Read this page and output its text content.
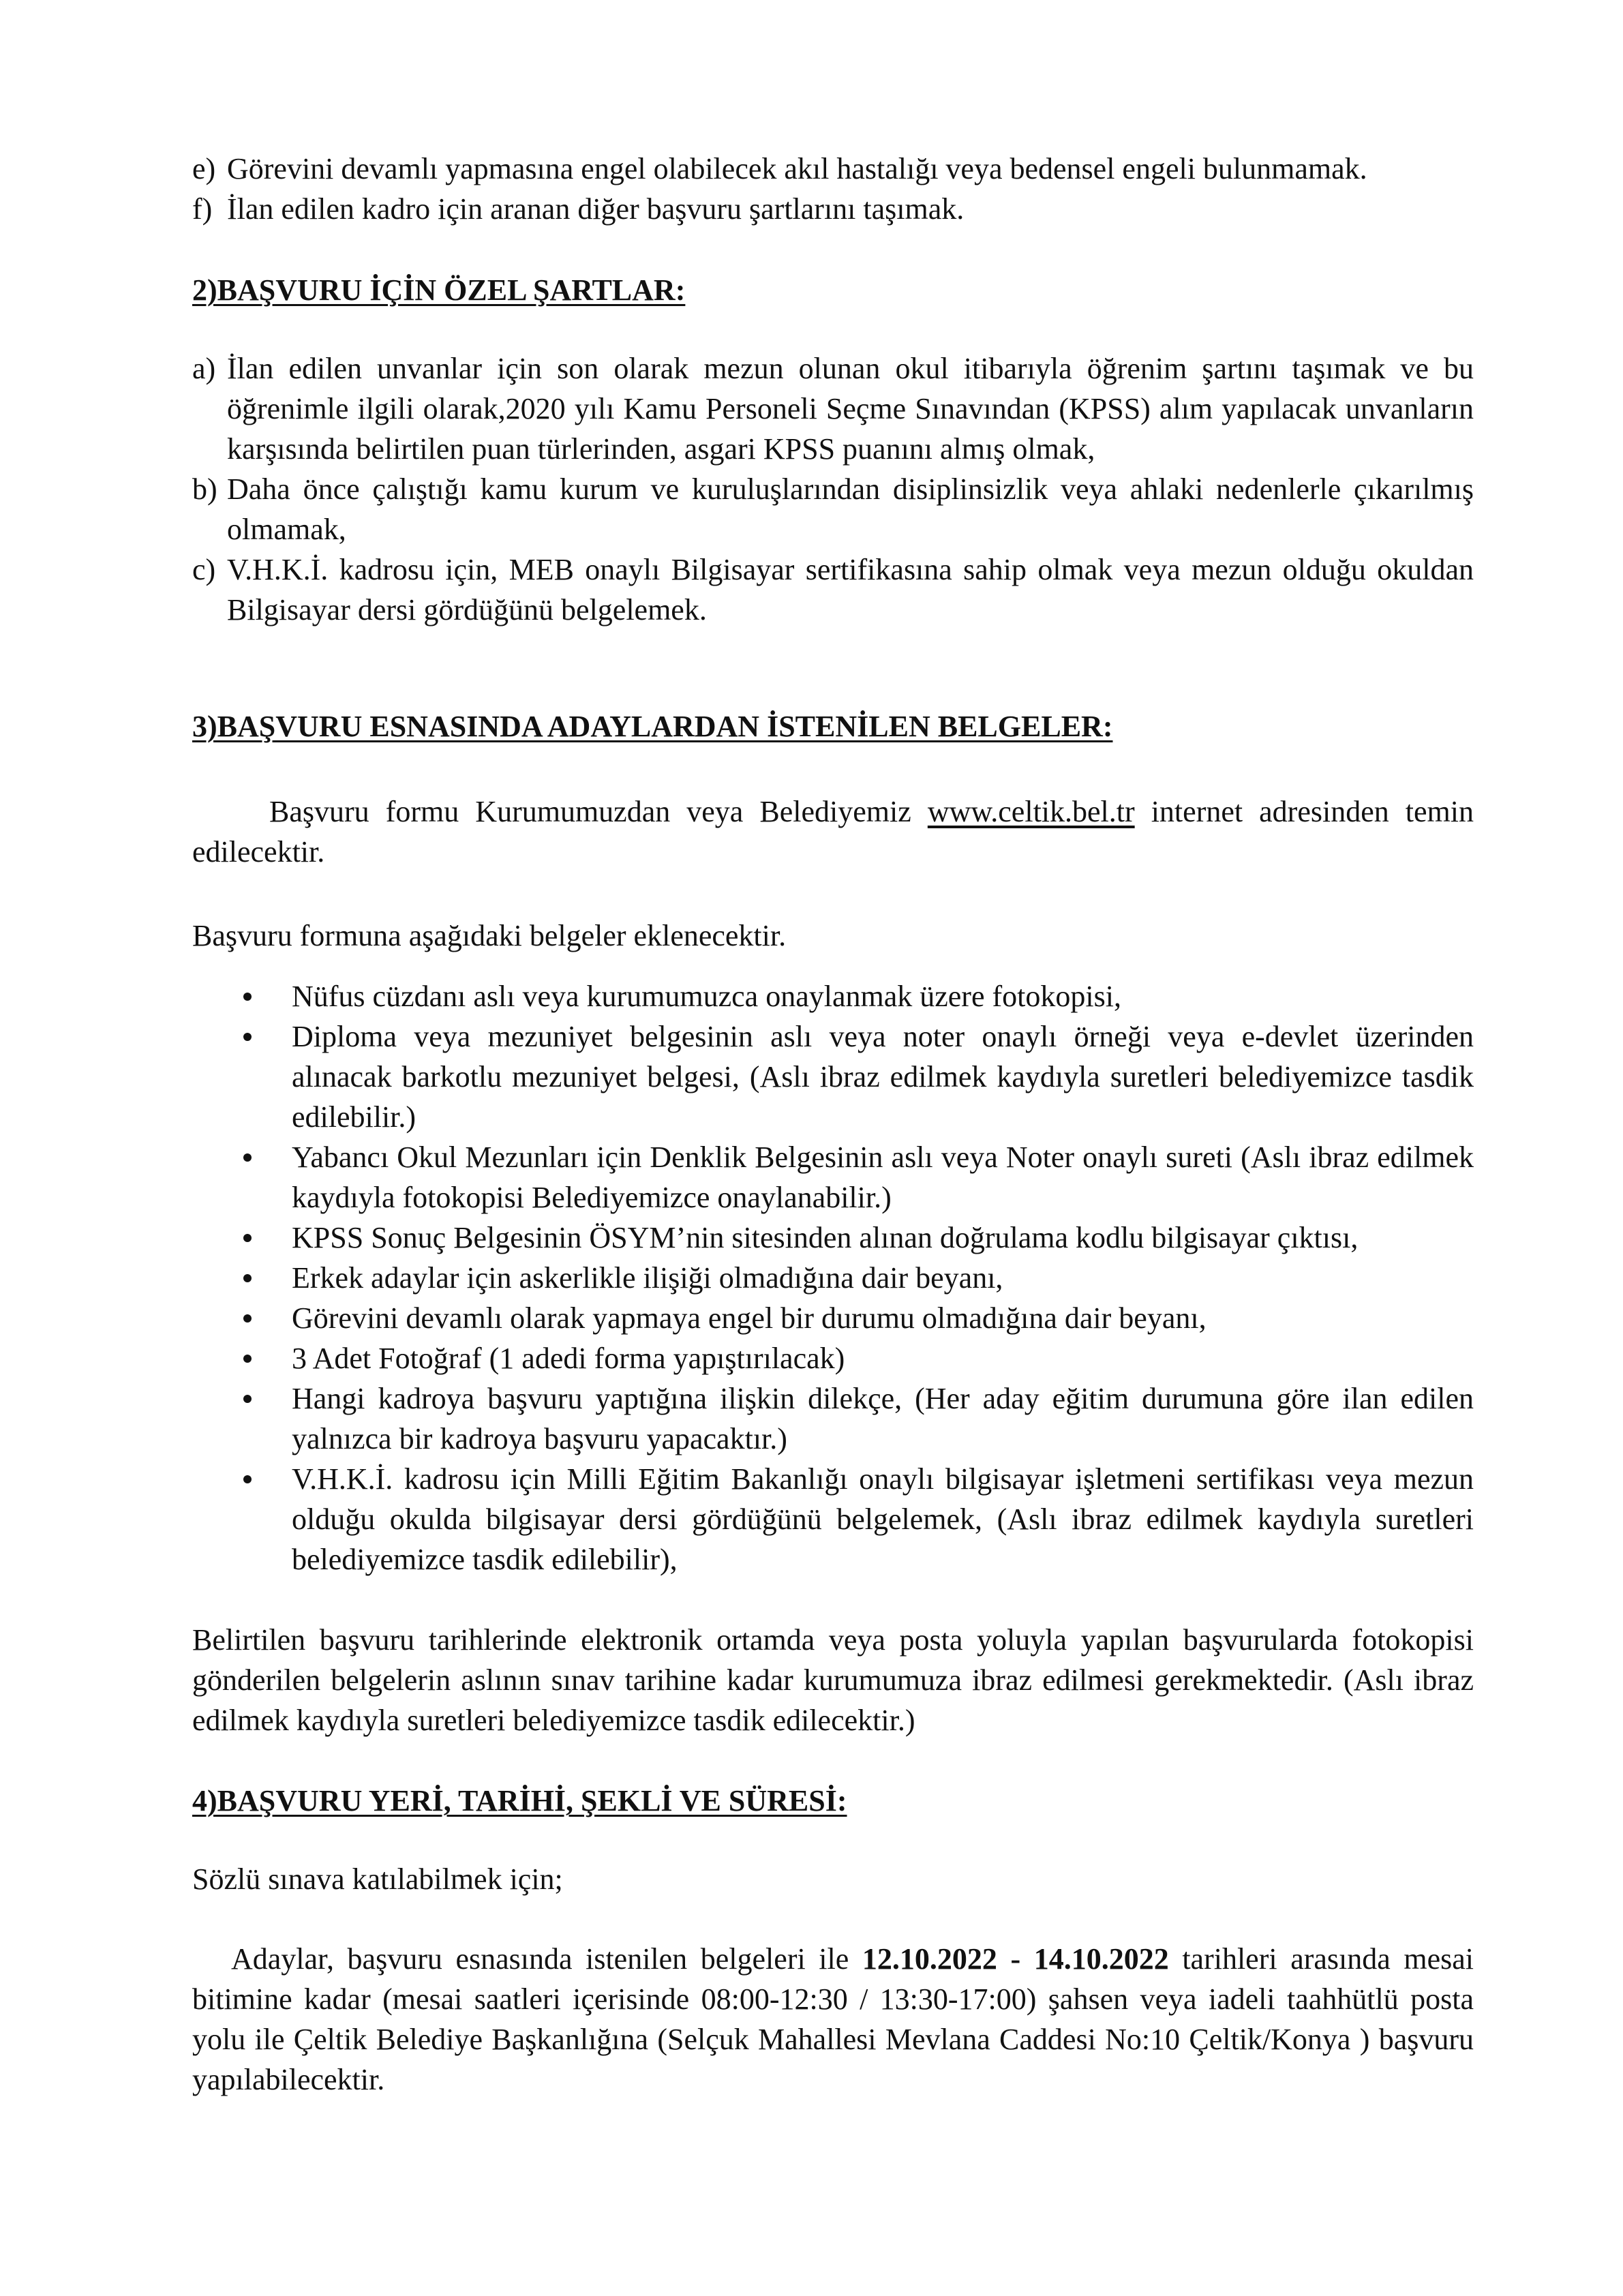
e) Görevini devamlı yapmasına engel olabilecek akıl hastalığı veya bedensel engeli bulunmamak.
f) İlan edilen kadro için aranan diğer başvuru şartlarını taşımak.

2)BAŞVURU İÇİN ÖZEL ŞARTLAR:

a) İlan edilen unvanlar için son olarak mezun olunan okul itibarıyla öğrenim şartını taşımak ve bu öğrenimle ilgili olarak,2020 yılı Kamu Personeli Seçme Sınavından (KPSS) alım yapılacak unvanların karşısında belirtilen puan türlerinden, asgari KPSS puanını almış olmak,
b) Daha önce çalıştığı kamu kurum ve kuruluşlarından disiplinsizlik veya ahlaki nedenlerle çıkarılmış olmamak,
c) V.H.K.İ. kadrosu için, MEB onaylı Bilgisayar sertifikasına sahip olmak veya mezun olduğu okuldan Bilgisayar dersi gördüğünü belgelemek.

3)BAŞVURU ESNASINDA ADAYLARDAN İSTENİLEN BELGELER:

Başvuru formu Kurumumuzdan veya Belediyemiz www.celtik.bel.tr internet adresinden temin edilecektir.

Başvuru formuna aşağıdaki belgeler eklenecektir.

Nüfus cüzdanı aslı veya kurumumuzca onaylanmak üzere fotokopisi,
Diploma veya mezuniyet belgesinin aslı veya noter onaylı örneği veya e-devlet üzerinden alınacak barkotlu mezuniyet belgesi, (Aslı ibraz edilmek kaydıyla suretleri belediyemizce tasdik edilebilir.)
Yabancı Okul Mezunları için Denklik Belgesinin aslı veya Noter onaylı sureti (Aslı ibraz edilmek kaydıyla fotokopisi Belediyemizce onaylanabilir.)
KPSS Sonuç Belgesinin ÖSYM’nin sitesinden alınan doğrulama kodlu bilgisayar çıktısı,
Erkek adaylar için askerlikle ilişiği olmadığına dair beyanı,
Görevini devamlı olarak yapmaya engel bir durumu olmadığına dair beyanı,
3 Adet Fotoğraf (1 adedi forma yapıştırılacak)
Hangi kadroya başvuru yaptığına ilişkin dilekçe, (Her aday eğitim durumuna göre ilan edilen yalnızca bir kadroya başvuru yapacaktır.)
V.H.K.İ. kadrosu için Milli Eğitim Bakanlığı onaylı bilgisayar işletmeni sertifikası veya mezun olduğu okulda bilgisayar dersi gördüğünü belgelemek, (Aslı ibraz edilmek kaydıyla suretleri belediyemizce tasdik edilebilir),

Belirtilen başvuru tarihlerinde elektronik ortamda veya posta yoluyla yapılan başvurularda fotokopisi gönderilen belgelerin aslının sınav tarihine kadar kurumumuza ibraz edilmesi gerekmektedir. (Aslı ibraz edilmek kaydıyla suretleri belediyemizce tasdik edilecektir.)

4)BAŞVURU YERİ, TARİHİ, ŞEKLİ VE SÜRESİ:

Sözlü sınava katılabilmek için;

Adaylar, başvuru esnasında istenilen belgeleri ile 12.10.2022 - 14.10.2022 tarihleri arasında mesai bitimine kadar (mesai saatleri içerisinde 08:00-12:30 / 13:30-17:00) şahsen veya iadeli taahhütlü posta yolu ile Çeltik Belediye Başkanlığına (Selçuk Mahallesi Mevlana Caddesi No:10 Çeltik/Konya ) başvuru yapılabilecektir.
